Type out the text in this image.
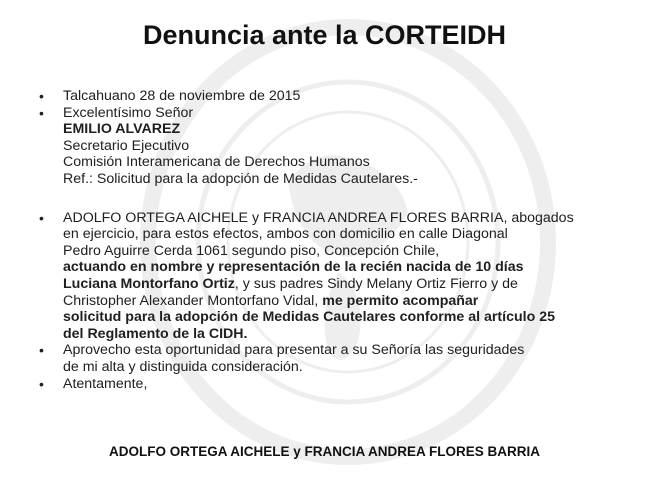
Denuncia ante la CORTEIDH
• Talcahuano 28 de noviembre de 2015
• Excelentísimo Señor
EMILIO ALVAREZ
Secretario Ejecutivo
Comisión Interamericana de Derechos Humanos
Ref.: Solicitud para la adopción de Medidas Cautelares.-
• ADOLFO ORTEGA AICHELE y FRANCIA ANDREA FLORES BARRIA, abogados
en ejercicio, para estos efectos, ambos con domicilio en calle Diagonal
Pedro Aguirre Cerda 1061 segundo piso, Concepción Chile,
actuando en nombre y representación de la recién nacida de 10 días
Luciana Montorfano Ortiz, y sus padres Sindy Melany Ortiz Fierro y de
Christopher Alexander Montorfano Vidal, me permito acompañar
solicitud para la adopción de Medidas Cautelares conforme al artículo 25
del Reglamento de la CIDH.
• Aprovecho esta oportunidad para presentar a su Señoría las seguridades
de mi alta y distinguida consideración.
• Atentamente,
ADOLFO ORTEGA AICHELE y FRANCIA ANDREA FLORES BARRIA
